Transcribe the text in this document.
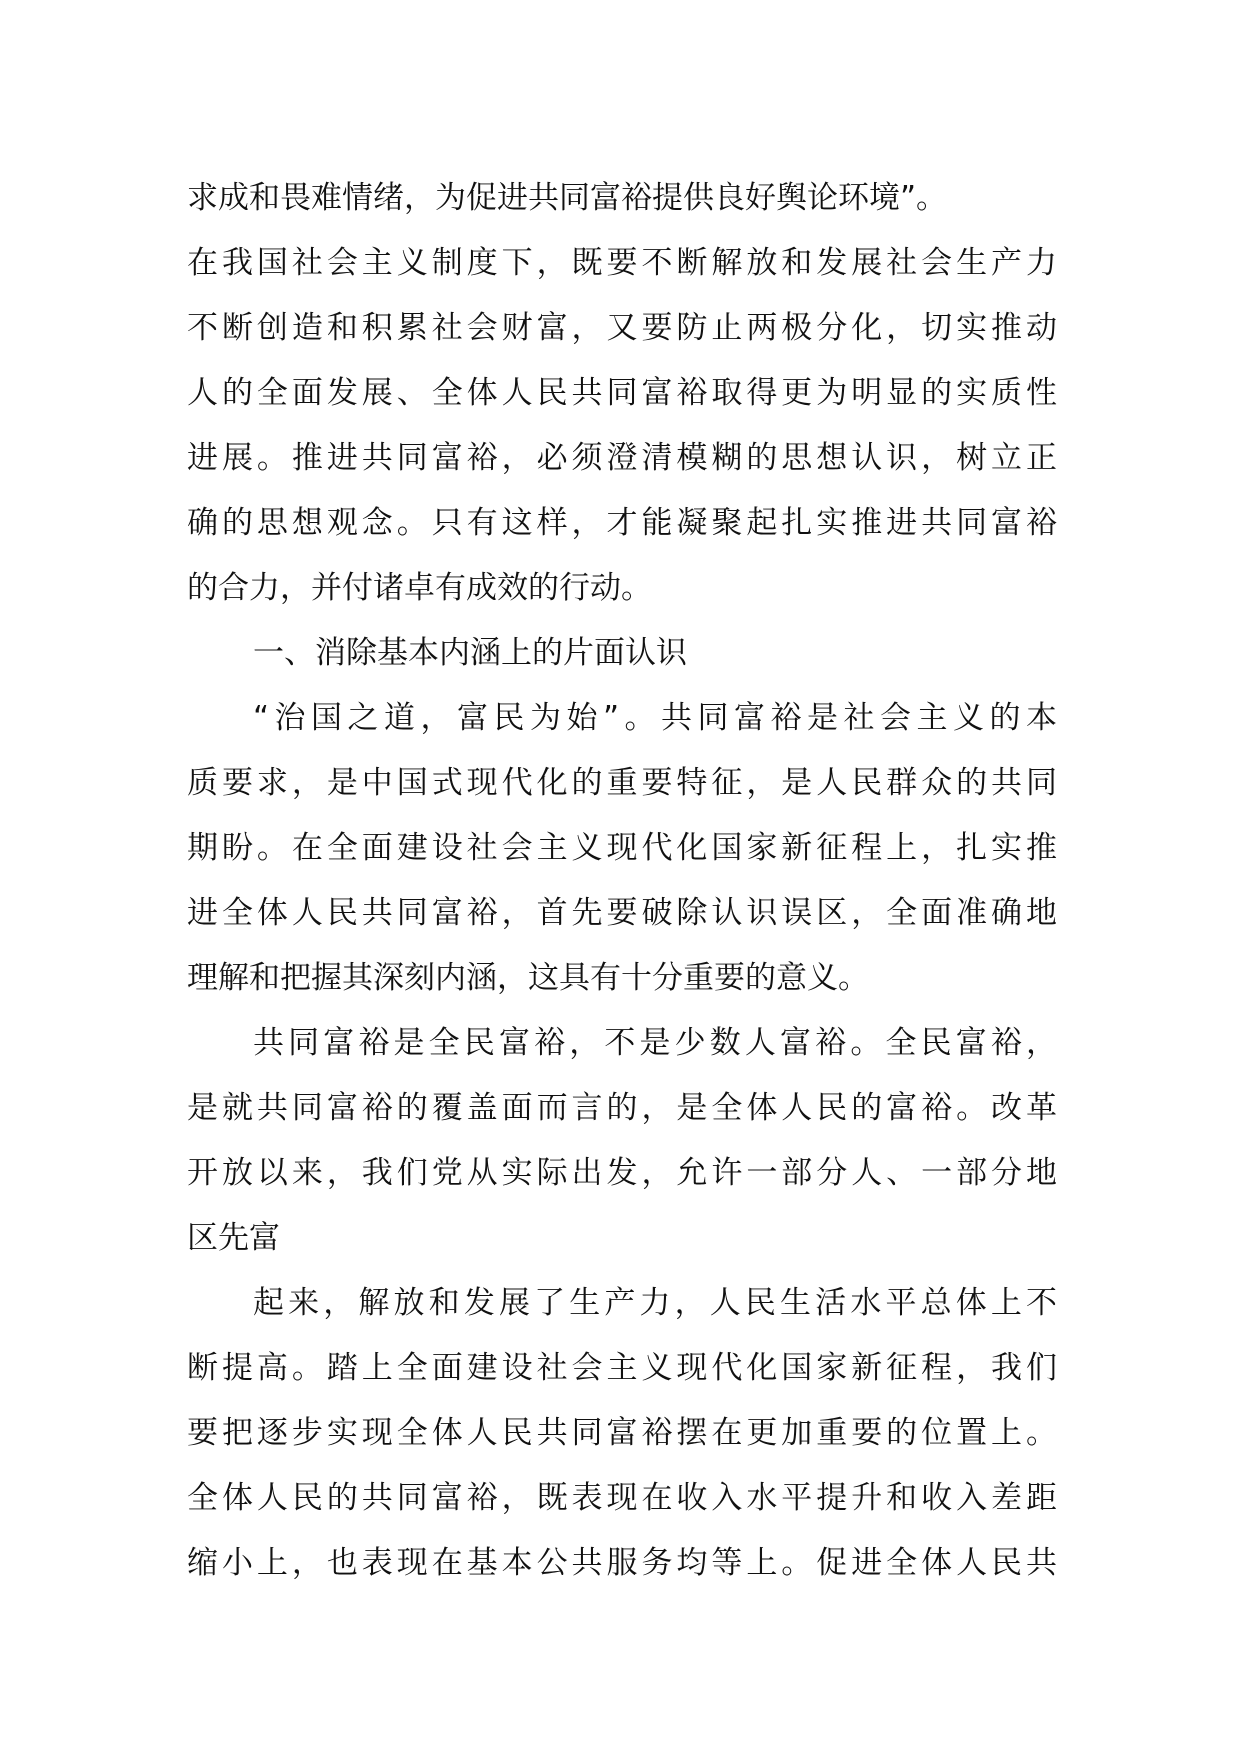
求成和畏难情绪，为促进共同富裕提供良好舆论环境”。
在我国社会主义制度下，既要不断解放和发展社会生产力
不断创造和积累社会财富，又要防止两极分化，切实推动
人的全面发展、全体人民共同富裕取得更为明显的实质性
进展。推进共同富裕，必须澄清模糊的思想认识，树立正
确的思想观念。只有这样，才能凝聚起扎实推进共同富裕
的合力，并付诸卓有成效的行动。
一、消除基本内涵上的片面认识
“治国之道，富民为始”。共同富裕是社会主义的本
质要求，是中国式现代化的重要特征，是人民群众的共同
期盼。在全面建设社会主义现代化国家新征程上，扎实推
进全体人民共同富裕，首先要破除认识误区，全面准确地
理解和把握其深刻内涵，这具有十分重要的意义。
共同富裕是全民富裕，不是少数人富裕。全民富裕，
是就共同富裕的覆盖面而言的，是全体人民的富裕。改革
开放以来，我们党从实际出发，允许一部分人、一部分地
区先富
起来，解放和发展了生产力，人民生活水平总体上不
断提高。踏上全面建设社会主义现代化国家新征程，我们
要把逐步实现全体人民共同富裕摆在更加重要的位置上。
全体人民的共同富裕，既表现在收入水平提升和收入差距
缩小上，也表现在基本公共服务均等上。促进全体人民共
